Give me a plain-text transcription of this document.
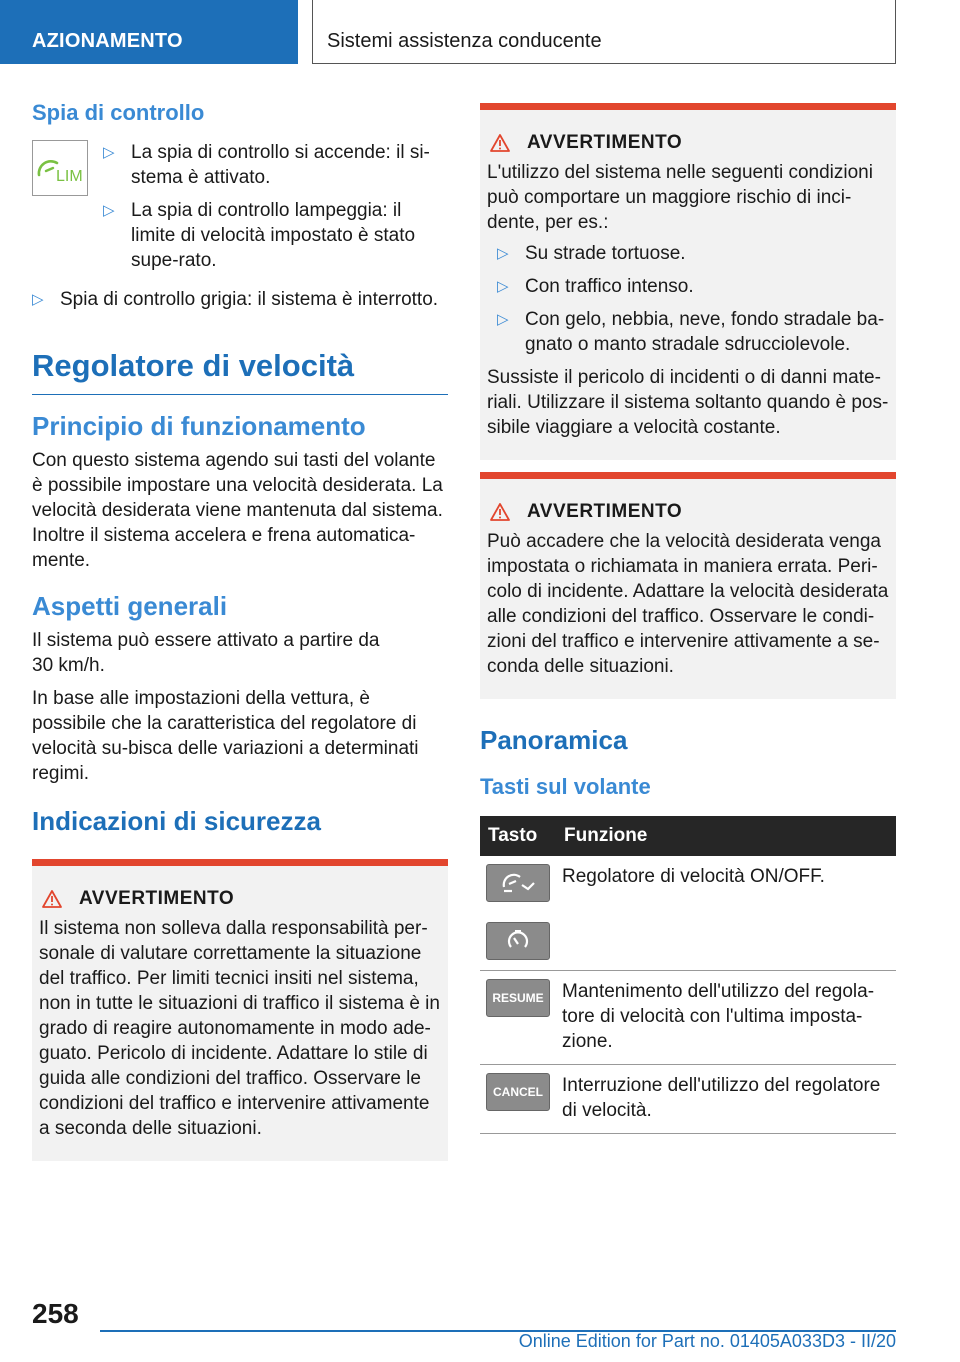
AZIONAMENTO	Sistemi assistenza conducente
Spia di controllo
LIM
▷ La spia di controllo si accende: il si-stema è attivato.
▷ La spia di controllo lampeggia: il limite di velocità impostato è stato supe-rato.
▷ Spia di controllo grigia: il sistema è interrotto.
Regolatore di velocità
Principio di funzionamento

Con questo sistema agendo sui tasti del volante è possibile impostare una velocità desiderata. La velocità desiderata viene mantenuta dal sistema. Inoltre il sistema accelera e frena automatica-mente.

Aspetti generali

Il sistema può essere attivato a partire da 30 km/h.

In base alle impostazioni della vettura, è possibile che la caratteristica del regolatore di velocità su-bisca delle variazioni a determinati regimi.

Indicazioni di sicurezza
AVVERTIMENTO

Il sistema non solleva dalla responsabilità per-sonale di valutare correttamente la situazione del traffico. Per limiti tecnici insiti nel sistema, non in tutte le situazioni di traffico il sistema è in grado di reagire autonomamente in modo ade-guato. Pericolo di incidente. Adattare lo stile di guida alle condizioni del traffico. Osservare le condizioni del traffico e intervenire attivamente a seconda delle situazioni.

AVVERTIMENTO

L'utilizzo del sistema nelle seguenti condizioni può comportare un maggiore rischio di inci-dente, per es.:

▷ Su strade tortuose.
▷ Con traffico intenso.
▷ Con gelo, nebbia, neve, fondo stradale ba-gnato o manto stradale sdrucciolevole.

Sussiste il pericolo di incidenti o di danni mate-riali. Utilizzare il sistema soltanto quando è pos-sibile viaggiare a velocità costante.

AVVERTIMENTO

Può accadere che la velocità desiderata venga impostata o richiamata in maniera errata. Peri-colo di incidente. Adattare la velocità desiderata alle condizioni del traffico. Osservare le condi-zioni del traffico e intervenire attivamente a se-conda delle situazioni.

Panoramica
Tasti sul volante
Tasto	Funzione

	Regolatore di velocità ON/OFF.

RESUME	Mantenimento dell'utilizzo del regola-tore di velocità con l'ultima imposta-zione.

CANCEL	Interruzione dell'utilizzo del regolatore di velocità.
258
Online Edition for Part no. 01405A033D3 - II/20
